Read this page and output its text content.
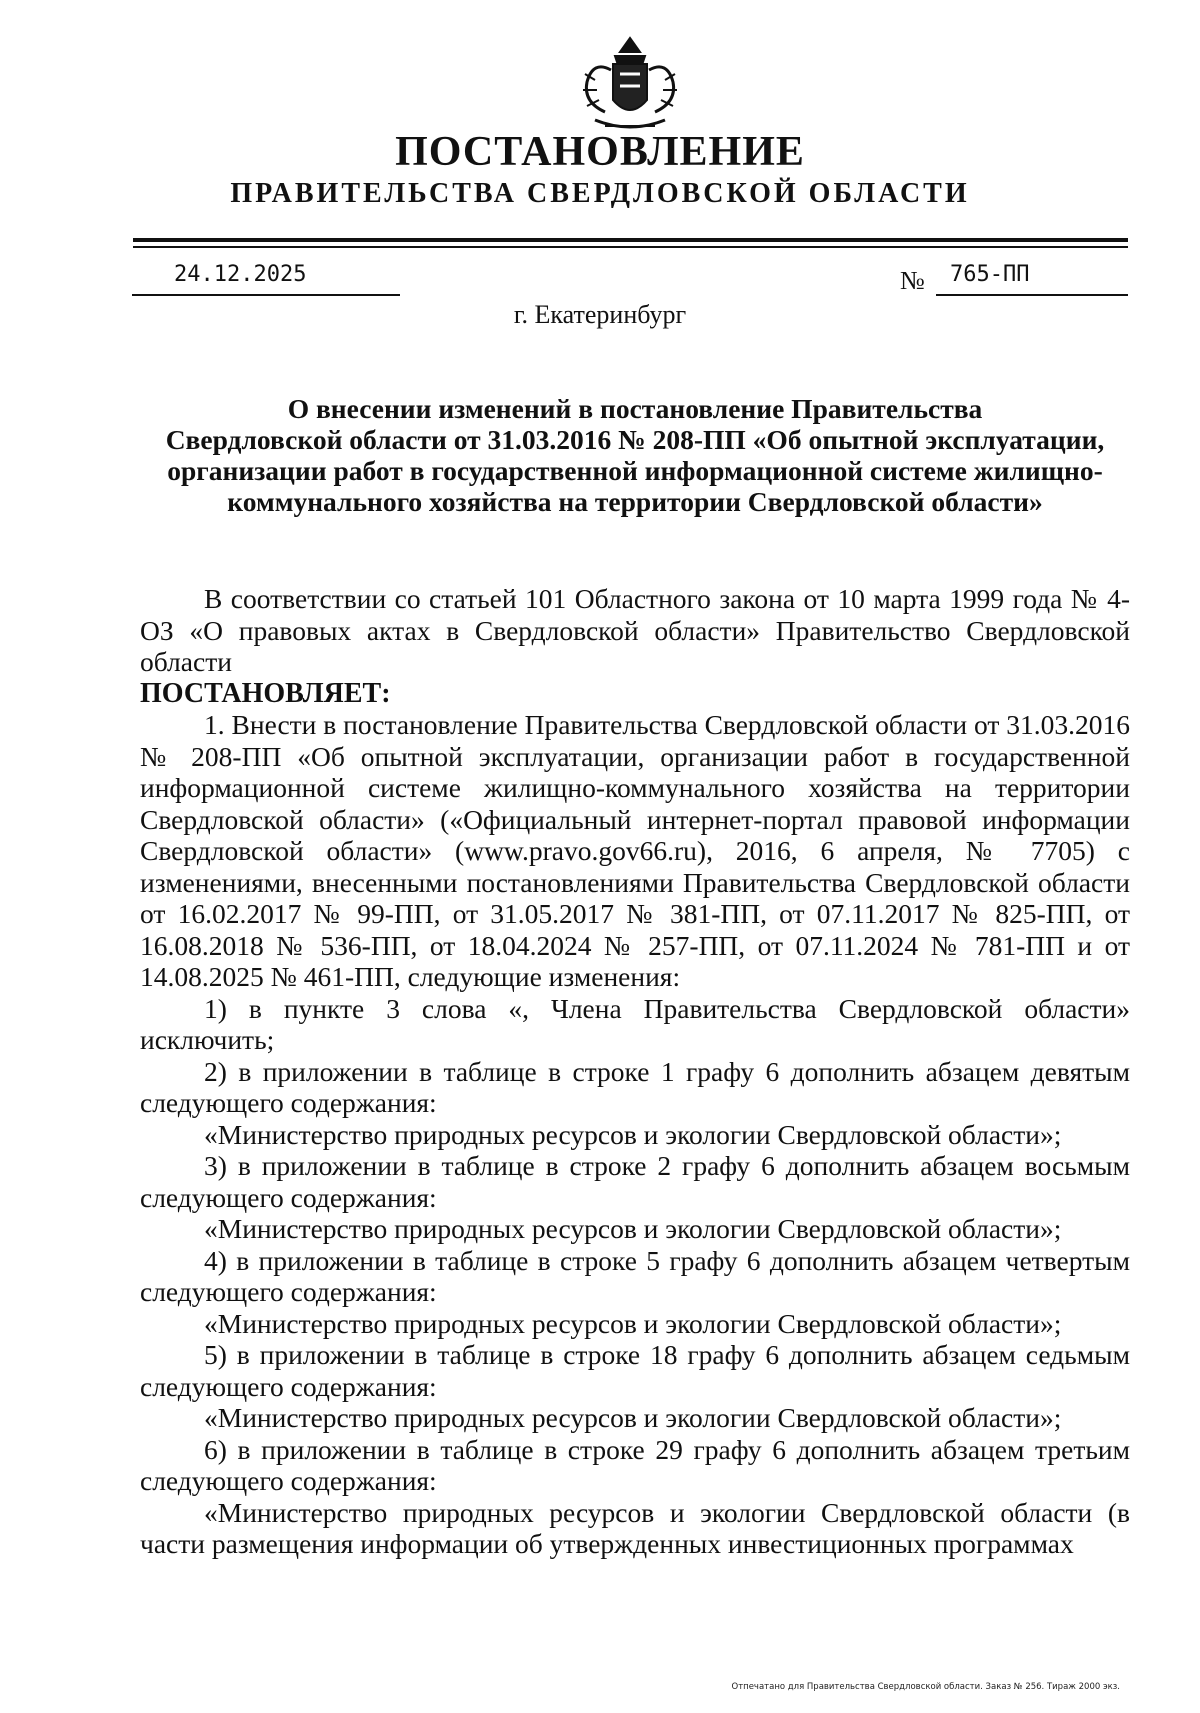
ПОСТАНОВЛЕНИЕ
ПРАВИТЕЛЬСТВА СВЕРДЛОВСКОЙ ОБЛАСТИ
24.12.2025	№ 765-ПП
г. Екатеринбург
О внесении изменений в постановление Правительства
Свердловской области от 31.03.2016 № 208-ПП «Об опытной эксплуатации,
организации работ в государственной информационной системе жилищно-
коммунального хозяйства на территории Свердловской области»

В соответствии со статьей 101 Областного закона от 10 марта 1999 года № 4-ОЗ «О правовых актах в Свердловской области» Правительство Свердловской области

ПОСТАНОВЛЯЕТ:

1. Внести в постановление Правительства Свердловской области от 31.03.2016 № 208-ПП «Об опытной эксплуатации, организации работ в государственной информационной системе жилищно-коммунального хозяйства на территории Свердловской области» («Официальный интернет-портал правовой информации Свердловской области» (www.pravo.gov66.ru), 2016, 6 апреля, № 7705) с изменениями, внесенными постановлениями Правительства Свердловской области от 16.02.2017 № 99-ПП, от 31.05.2017 № 381-ПП, от 07.11.2017 № 825-ПП, от 16.08.2018 № 536-ПП, от 18.04.2024 № 257-ПП, от 07.11.2024 № 781-ПП и от 14.08.2025 № 461-ПП, следующие изменения:

1) в пункте 3 слова «, Члена Правительства Свердловской области» исключить;

2) в приложении в таблице в строке 1 графу 6 дополнить абзацем девятым следующего содержания:

«Министерство природных ресурсов и экологии Свердловской области»;

3) в приложении в таблице в строке 2 графу 6 дополнить абзацем восьмым следующего содержания:

«Министерство природных ресурсов и экологии Свердловской области»;

4) в приложении в таблице в строке 5 графу 6 дополнить абзацем четвертым следующего содержания:

«Министерство природных ресурсов и экологии Свердловской области»;

5) в приложении в таблице в строке 18 графу 6 дополнить абзацем седьмым следующего содержания:

«Министерство природных ресурсов и экологии Свердловской области»;

6) в приложении в таблице в строке 29 графу 6 дополнить абзацем третьим следующего содержания:

«Министерство природных ресурсов и экологии Свердловской области (в части размещения информации об утвержденных инвестиционных программах

Отпечатано для Правительства Свердловской области. Заказ № 256. Тираж 2000 экз.
